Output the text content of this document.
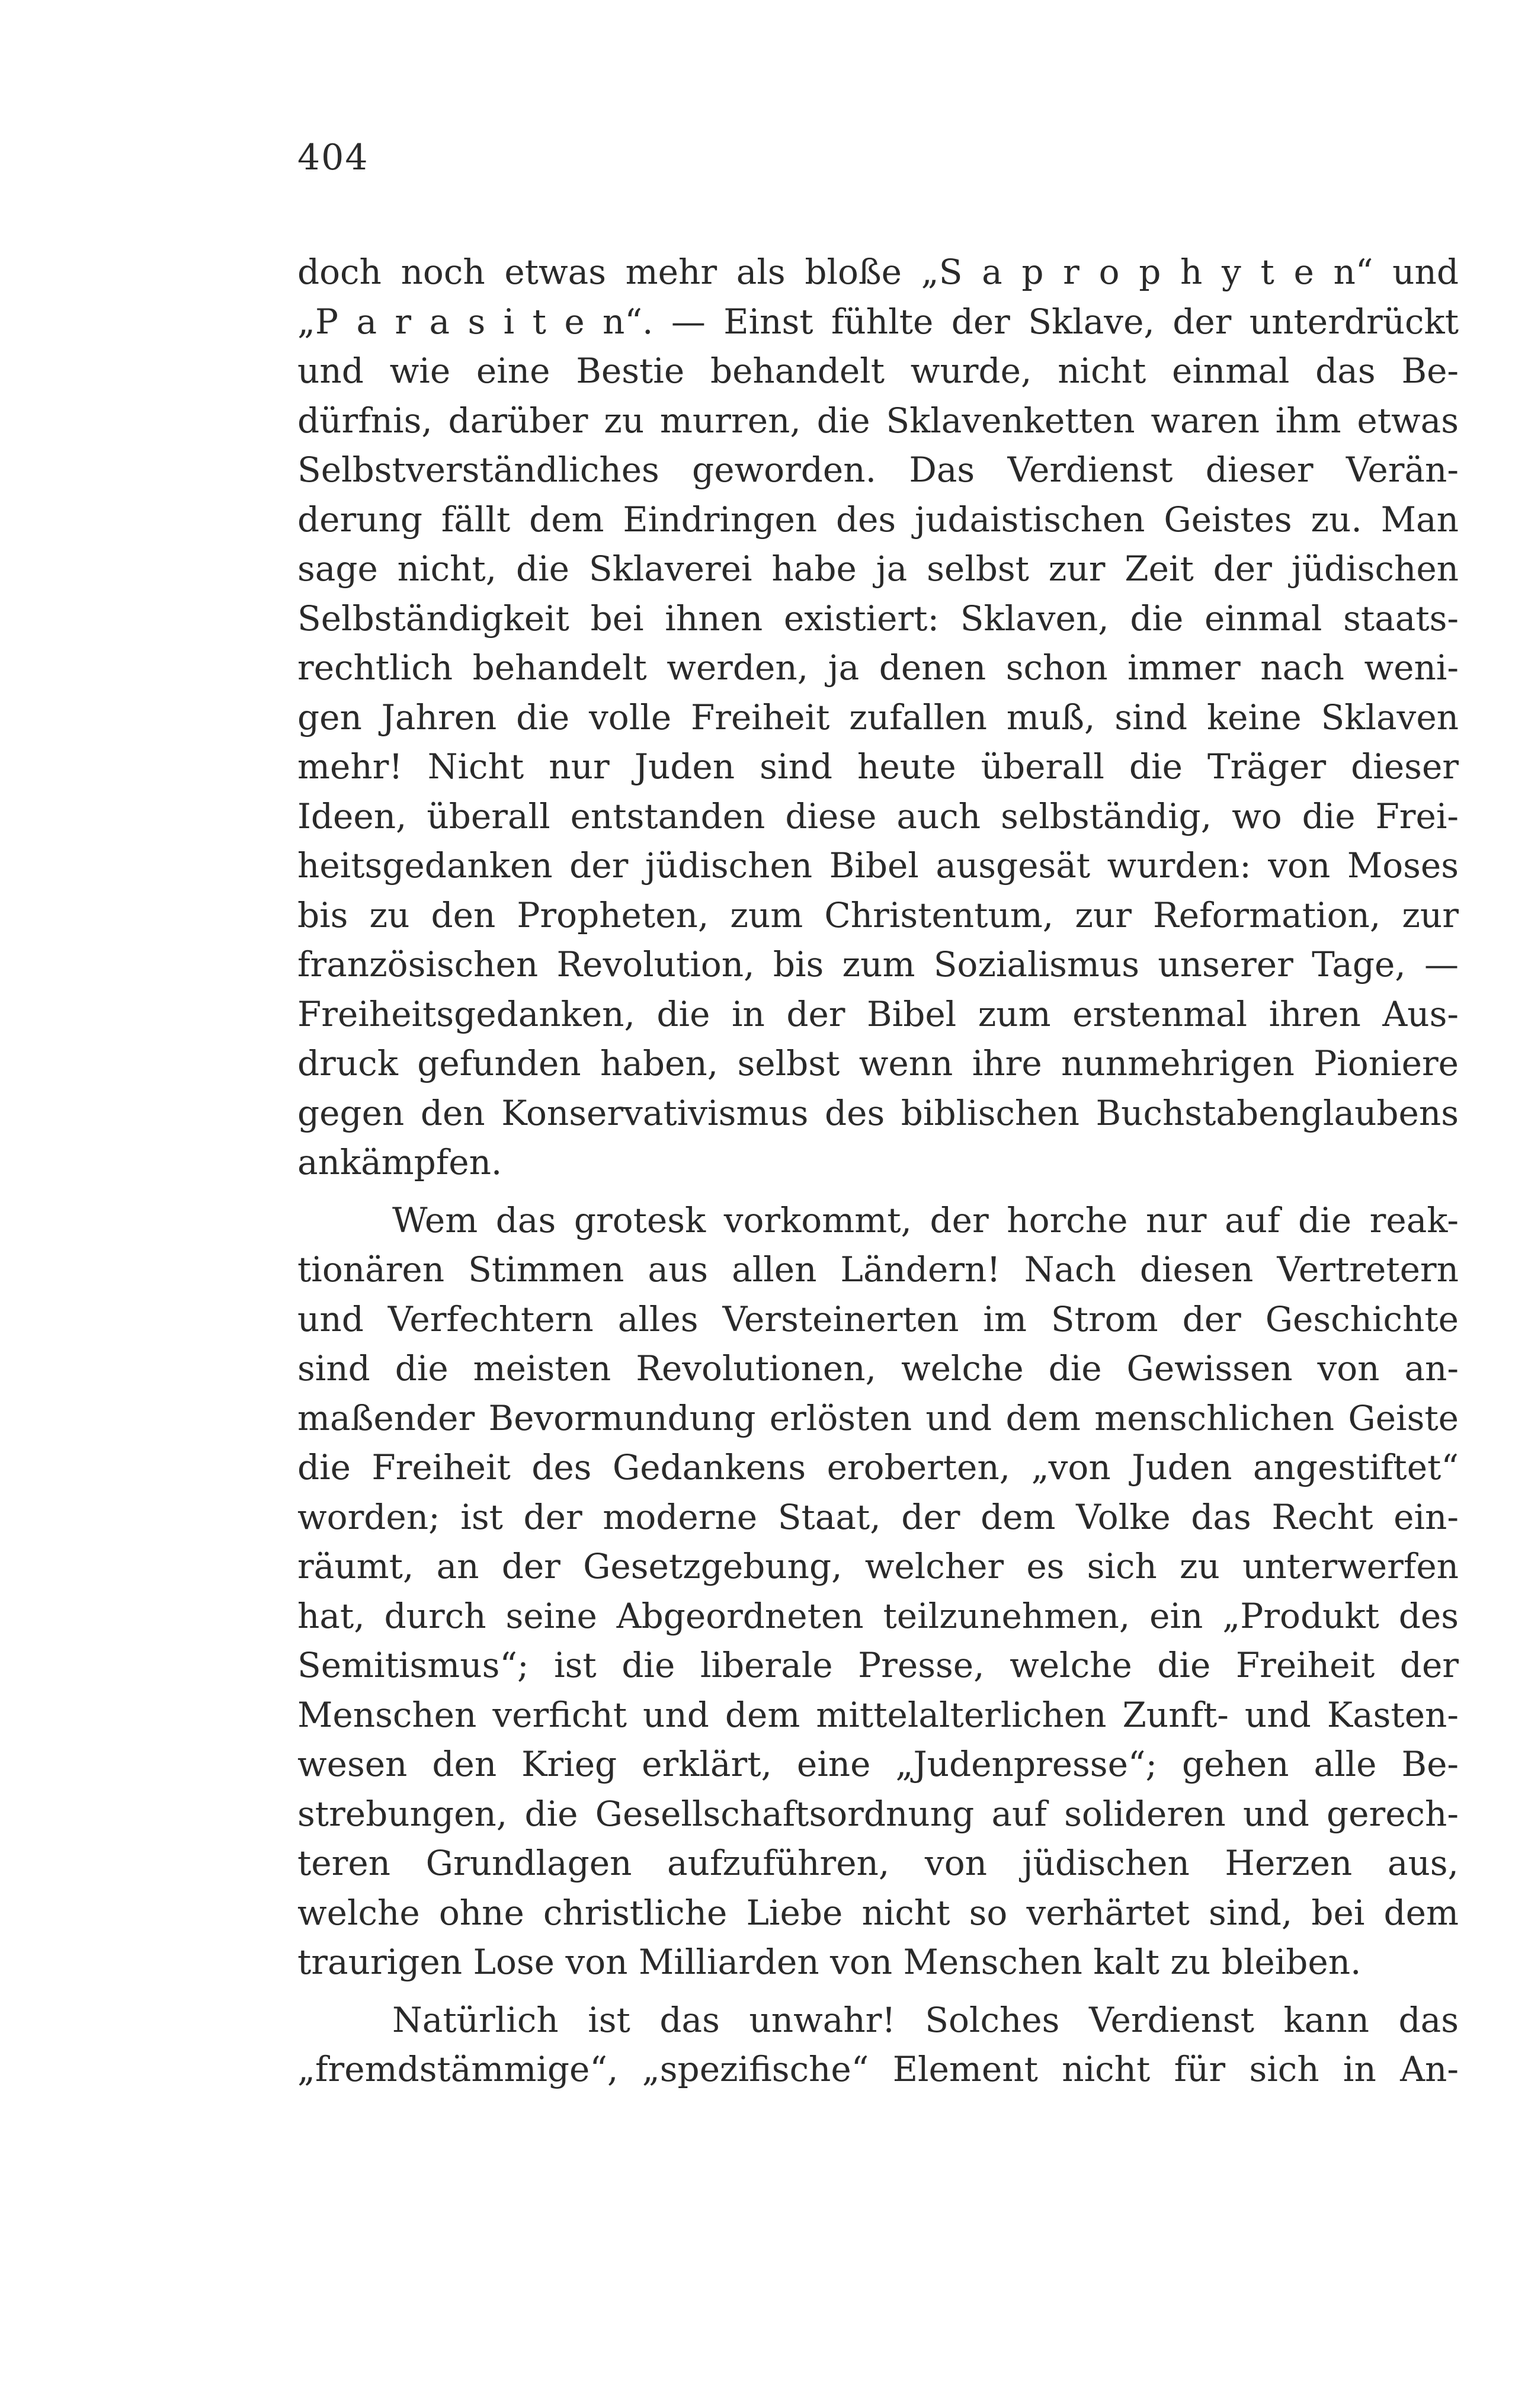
404
doch noch etwas mehr als bloße „S a p r o p h y t e n“ und
„P a r a s i t e n“. — Einst fühlte der Sklave, der unterdrückt
und wie eine Bestie behandelt wurde, nicht einmal das Be-
dürfnis, darüber zu murren, die Sklavenketten waren ihm etwas
Selbstverständliches geworden. Das Verdienst dieser Verän-
derung fällt dem Eindringen des judaistischen Geistes zu. Man
sage nicht, die Sklaverei habe ja selbst zur Zeit der jüdischen
Selbständigkeit bei ihnen existiert: Sklaven, die einmal staats-
rechtlich behandelt werden, ja denen schon immer nach weni-
gen Jahren die volle Freiheit zufallen muß, sind keine Sklaven
mehr! Nicht nur Juden sind heute überall die Träger dieser
Ideen, überall entstanden diese auch selbständig, wo die Frei-
heitsgedanken der jüdischen Bibel ausgesät wurden: von Moses
bis zu den Propheten, zum Christentum, zur Reformation, zur
französischen Revolution, bis zum Sozialismus unserer Tage, —
Freiheitsgedanken, die in der Bibel zum erstenmal ihren Aus-
druck gefunden haben, selbst wenn ihre nunmehrigen Pioniere
gegen den Konservativismus des biblischen Buchstabenglaubens
ankämpfen.
Wem das grotesk vorkommt, der horche nur auf die reak-
tionären Stimmen aus allen Ländern! Nach diesen Vertretern
und Verfechtern alles Versteinerten im Strom der Geschichte
sind die meisten Revolutionen, welche die Gewissen von an-
maßender Bevormundung erlösten und dem menschlichen Geiste
die Freiheit des Gedankens eroberten, „von Juden angestiftet“
worden; ist der moderne Staat, der dem Volke das Recht ein-
räumt, an der Gesetzgebung, welcher es sich zu unterwerfen
hat, durch seine Abgeordneten teilzunehmen, ein „Produkt des
Semitismus“; ist die liberale Presse, welche die Freiheit der
Menschen verficht und dem mittelalterlichen Zunft- und Kasten-
wesen den Krieg erklärt, eine „Judenpresse“; gehen alle Be-
strebungen, die Gesellschaftsordnung auf solideren und gerech-
teren Grundlagen aufzuführen, von jüdischen Herzen aus,
welche ohne christliche Liebe nicht so verhärtet sind, bei dem
traurigen Lose von Milliarden von Menschen kalt zu bleiben.
Natürlich ist das unwahr! Solches Verdienst kann das
„fremdstämmige“, „spezifische“ Element nicht für sich in An-
